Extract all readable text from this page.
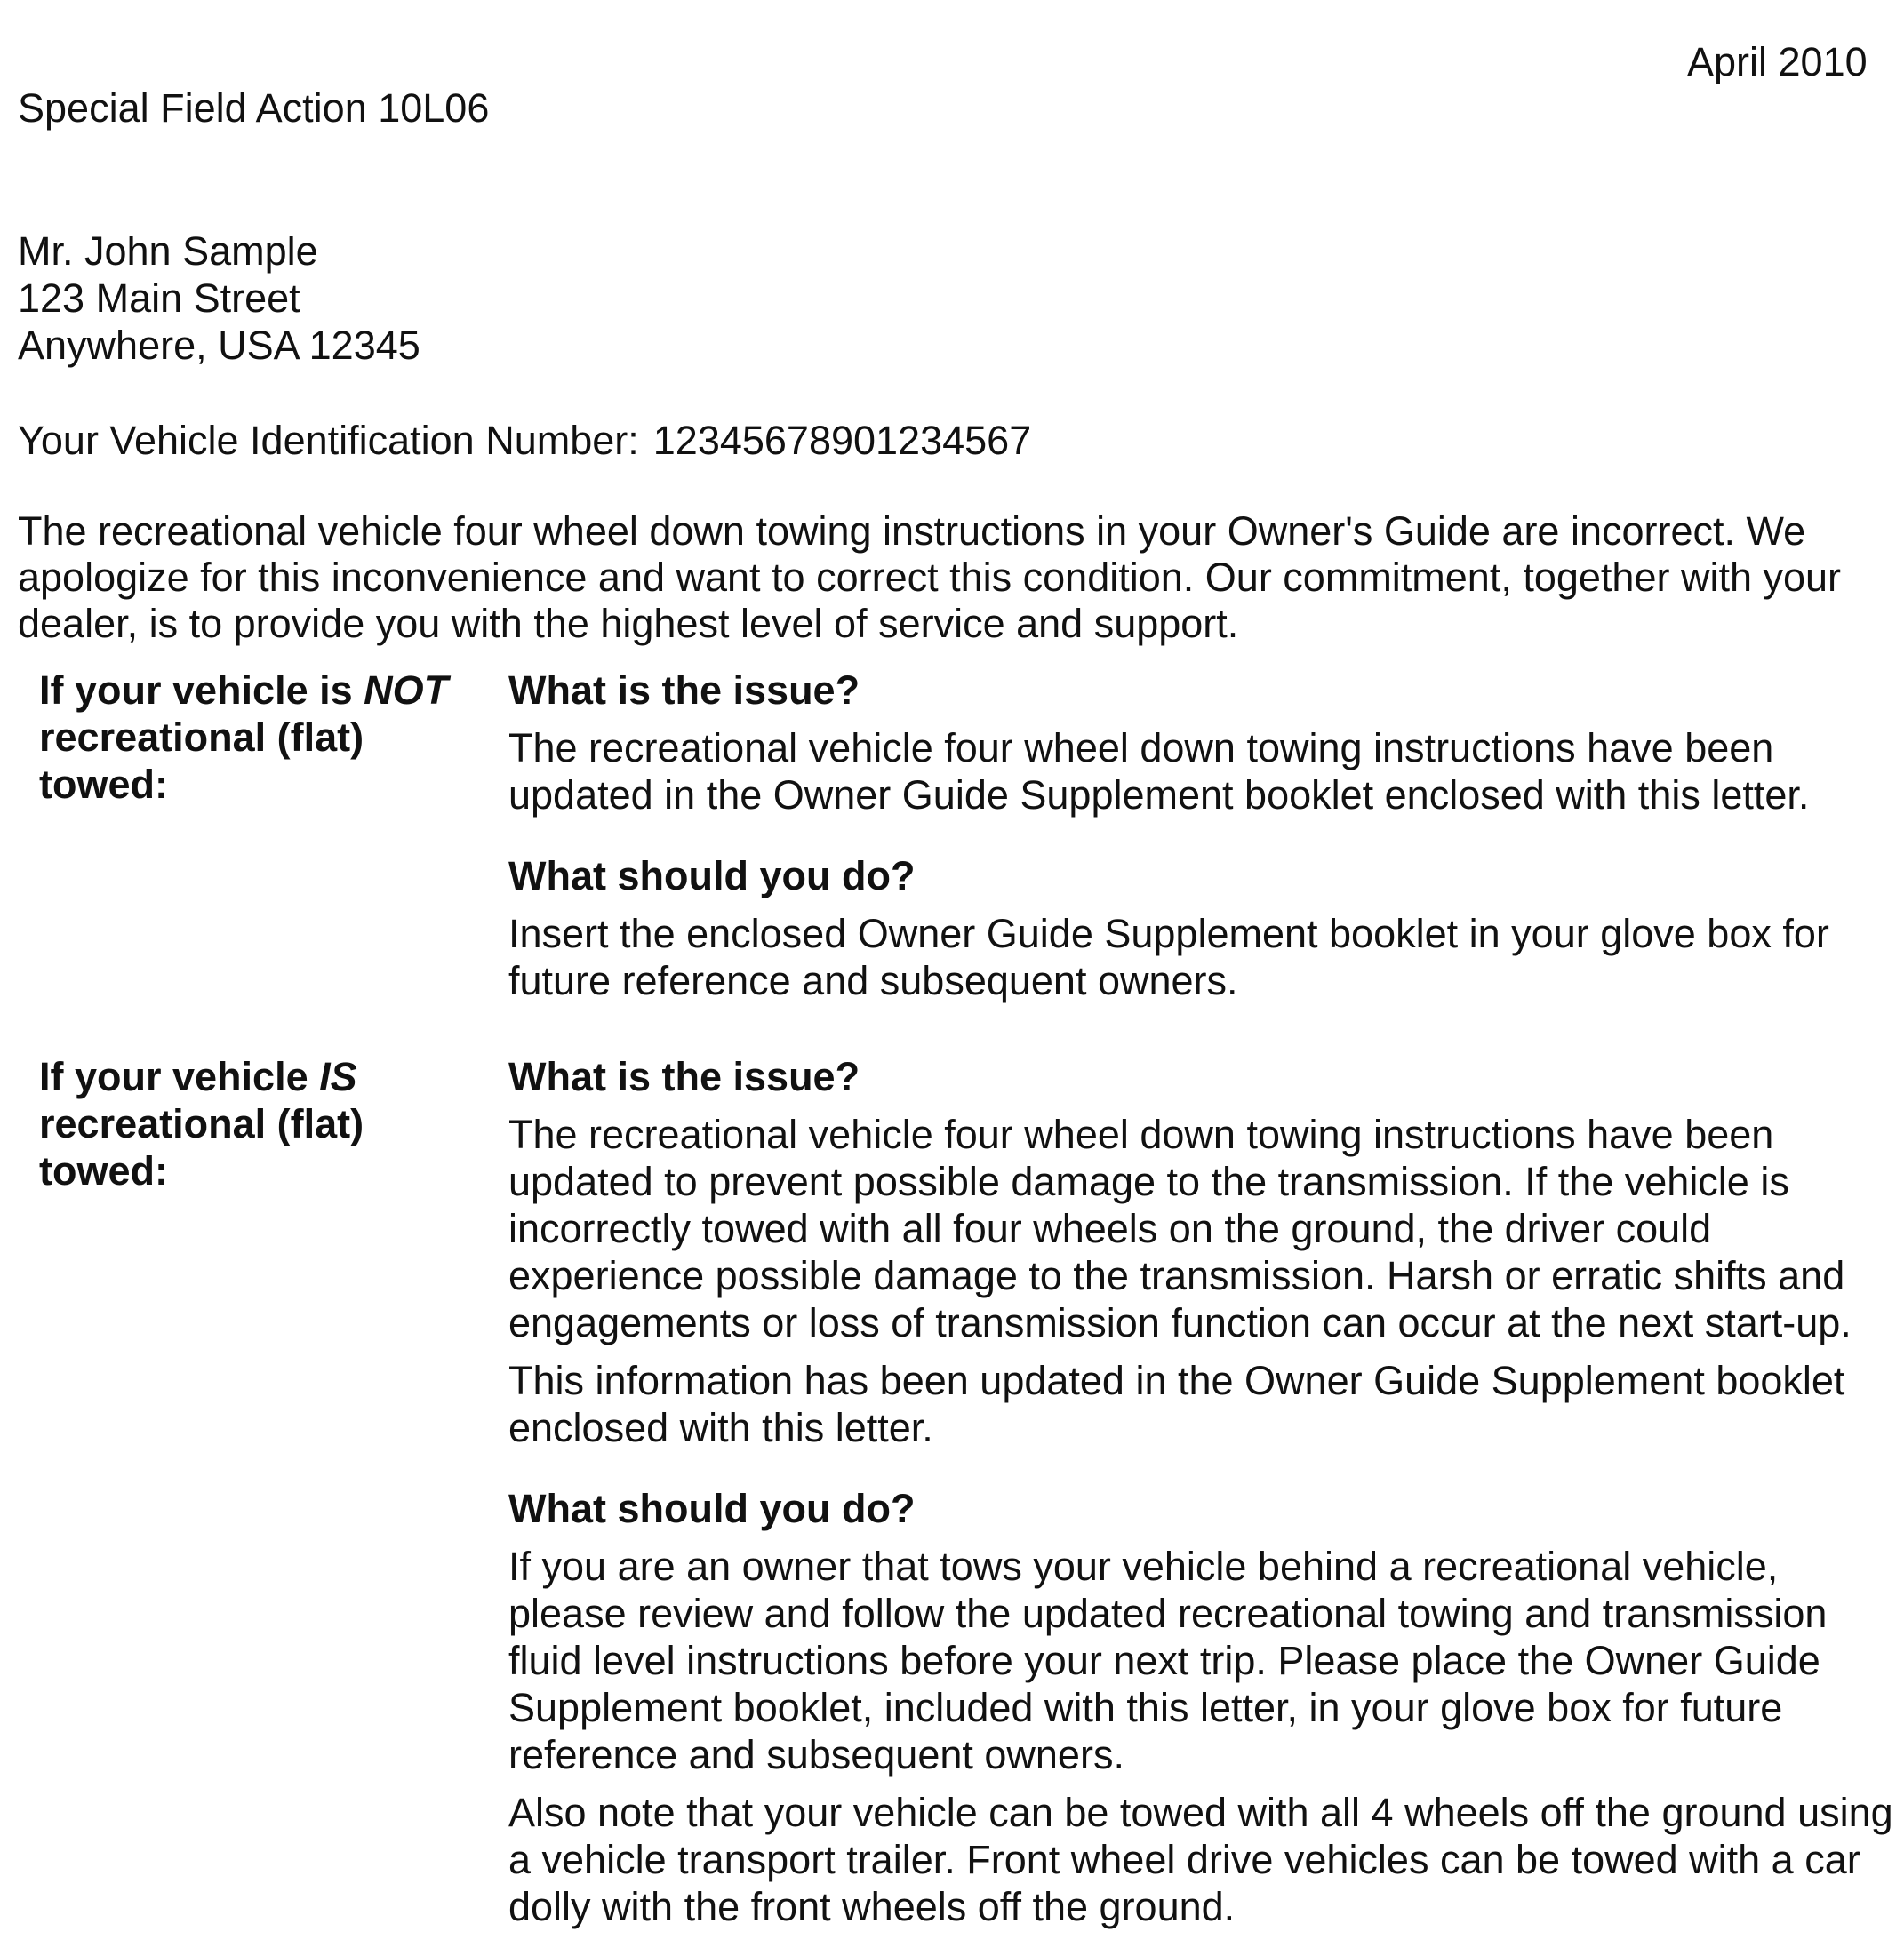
April 2010
Special Field Action 10L06
Mr. John Sample
123 Main Street
Anywhere, USA 12345
Your Vehicle Identification Number: 12345678901234567
The recreational vehicle four wheel down towing instructions in your Owner's Guide are incorrect. We apologize for this inconvenience and want to correct this condition. Our commitment, together with your dealer, is to provide you with the highest level of service and support.
If your vehicle is NOT recreational (flat) towed:

What is the issue?

The recreational vehicle four wheel down towing instructions have been updated in the Owner Guide Supplement booklet enclosed with this letter.

What should you do?

Insert the enclosed Owner Guide Supplement booklet in your glove box for future reference and subsequent owners.

If your vehicle IS recreational (flat) towed:

What is the issue?

The recreational vehicle four wheel down towing instructions have been updated to prevent possible damage to the transmission. If the vehicle is incorrectly towed with all four wheels on the ground, the driver could experience possible damage to the transmission. Harsh or erratic shifts and engagements or loss of transmission function can occur at the next start-up.

This information has been updated in the Owner Guide Supplement booklet enclosed with this letter.

What should you do?

If you are an owner that tows your vehicle behind a recreational vehicle, please review and follow the updated recreational towing and transmission fluid level instructions before your next trip. Please place the Owner Guide Supplement booklet, included with this letter, in your glove box for future reference and subsequent owners.

Also note that your vehicle can be towed with all 4 wheels off the ground using a vehicle transport trailer. Front wheel drive vehicles can be towed with a car dolly with the front wheels off the ground.
